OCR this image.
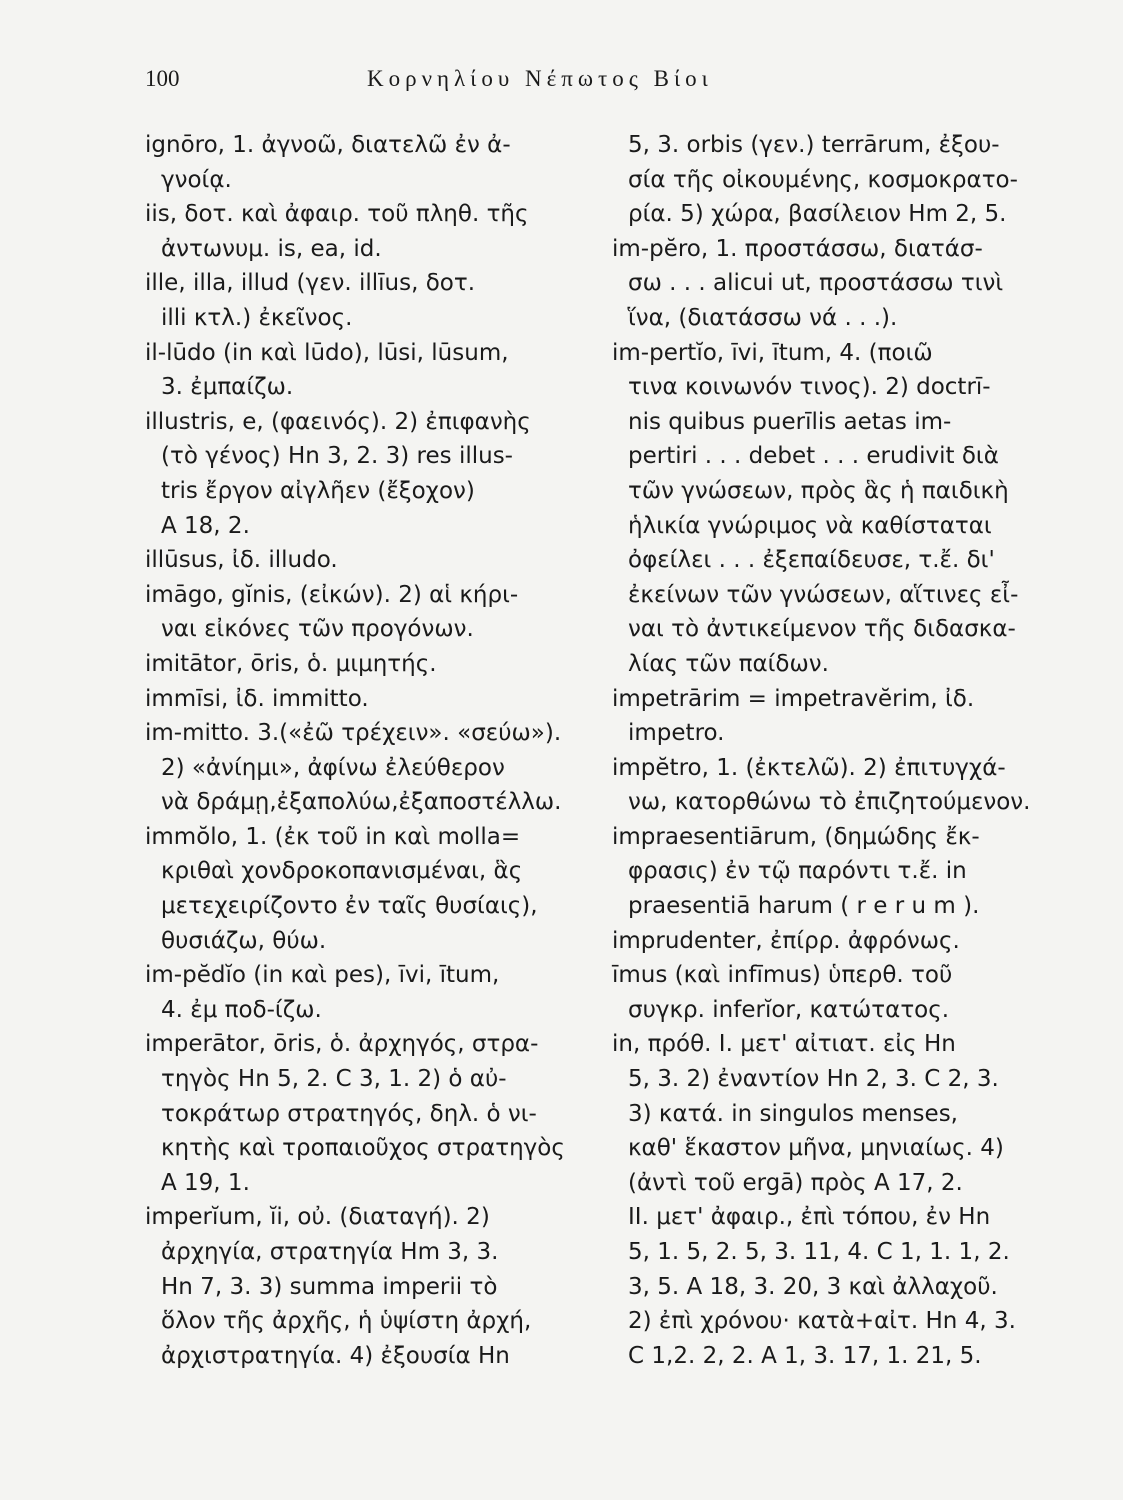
100	Κορνηλίου Νέπωτος Βίοι
ignōro, 1. ἀγνοῶ, διατελῶ ἐν ἀ-
γνοίᾳ.
iis, δοτ. καὶ ἀφαιρ. τοῦ πληθ. τῆς
ἀντωνυμ. is, ea, id.
ille, illa, illud (γεν. illīus, δοτ.
illi κτλ.) ἐκεῖνος.
il-lūdo (in καὶ lūdo), lūsi, lūsum,
3. ἐμπαίζω.
illustris, e, (φαεινός). 2) ἐπιφανὴς
(τὸ γένος) Hn 3, 2. 3) res illus-
tris ἔργον αἰγλῆεν (ἔξοχον)
A 18, 2.
illūsus, ἰδ. illudo.
imāgo, gĭnis, (εἰκών). 2) αἱ κήρι-
ναι εἰκόνες τῶν προγόνων.
imitātor, ōris, ὁ. μιμητής.
immīsi, ἰδ. immitto.
im-mitto. 3.(«ἐῶ τρέχειν». «σεύω»).
2) «ἀνίημι», ἀφίνω ἐλεύθερον
νὰ δράμῃ,ἐξαπολύω,ἐξαποστέλλω.
immŏlo, 1. (ἐκ τοῦ in καὶ molla=
κριθαὶ χονδροκοπανισμέναι, ἃς
μετεχειρίζοντο ἐν ταῖς θυσίαις),
θυσιάζω, θύω.
im-pĕdĭo (in καὶ pes), īvi, ītum,
4. ἐμ ποδ-ίζω.
imperātor, ōris, ὁ. ἀρχηγός, στρα-
τηγὸς Hn 5, 2. C 3, 1. 2) ὁ αὐ-
τοκράτωρ στρατηγός, δηλ. ὁ νι-
κητὴς καὶ τροπαιοῦχος στρατηγὸς
A 19, 1.
imperĭum, ĭi, οὐ. (διαταγή). 2)
ἀρχηγία, στρατηγία Hm 3, 3.
Hn 7, 3. 3) summa imperii τὸ
ὅλον τῆς ἀρχῆς, ἡ ὑψίστη ἀρχή,
ἀρχιστρατηγία. 4) ἐξουσία Hn
5, 3. orbis (γεν.) terrārum, ἐξου-
σία τῆς οἰκουμένης, κοσμοκρατο-
ρία. 5) χώρα, βασίλειον Hm 2, 5.
im-pĕro, 1. προστάσσω, διατάσ-
σω . . . alicui ut, προστάσσω τινὶ
ἵνα, (διατάσσω νά . . .).
im-pertĭo, īvi, ītum, 4. (ποιῶ
τινα κοινωνόν τινος). 2) doctrī-
nis quibus puerīlis aetas im-
pertiri . . . debet . . . erudivit διὰ
τῶν γνώσεων, πρὸς ἃς ἡ παιδικὴ
ἡλικία γνώριμος νὰ καθίσταται
ὀφείλει . . . ἐξεπαίδευσε, τ.ἔ. δι'
ἐκείνων τῶν γνώσεων, αἵτινες εἶ-
ναι τὸ ἀντικείμενον τῆς διδασκα-
λίας τῶν παίδων.
impetrārim = impetravĕrim, ἰδ.
impetro.
impĕtro, 1. (ἐκτελῶ). 2) ἐπιτυγχά-
νω, κατορθώνω τὸ ἐπιζητούμενον.
impraesentiārum, (δημώδης ἔκ-
φρασις) ἐν τῷ παρόντι τ.ἔ. in
praesentiā harum ( r e r u m ).
imprudenter, ἐπίρρ. ἀφρόνως.
īmus (καὶ infīmus) ὑπερθ. τοῦ
συγκρ. inferĭor, κατώτατος.
in, πρόθ. I. μετ' αἰτιατ. εἰς Hn
5, 3. 2) ἐναντίον Hn 2, 3. C 2, 3.
3) κατά. in singulos menses,
καθ' ἕκαστον μῆνα, μηνιαίως. 4)
(ἀντὶ τοῦ ergā) πρὸς A 17, 2.
II. μετ' ἀφαιρ., ἐπὶ τόπου, ἐν Hn
5, 1. 5, 2. 5, 3. 11, 4. C 1, 1. 1, 2.
3, 5. A 18, 3. 20, 3 καὶ ἀλλαχοῦ.
2) ἐπὶ χρόνου· κατὰ+αἰτ. Hn 4, 3.
C 1,2. 2, 2. A 1, 3. 17, 1. 21, 5.
